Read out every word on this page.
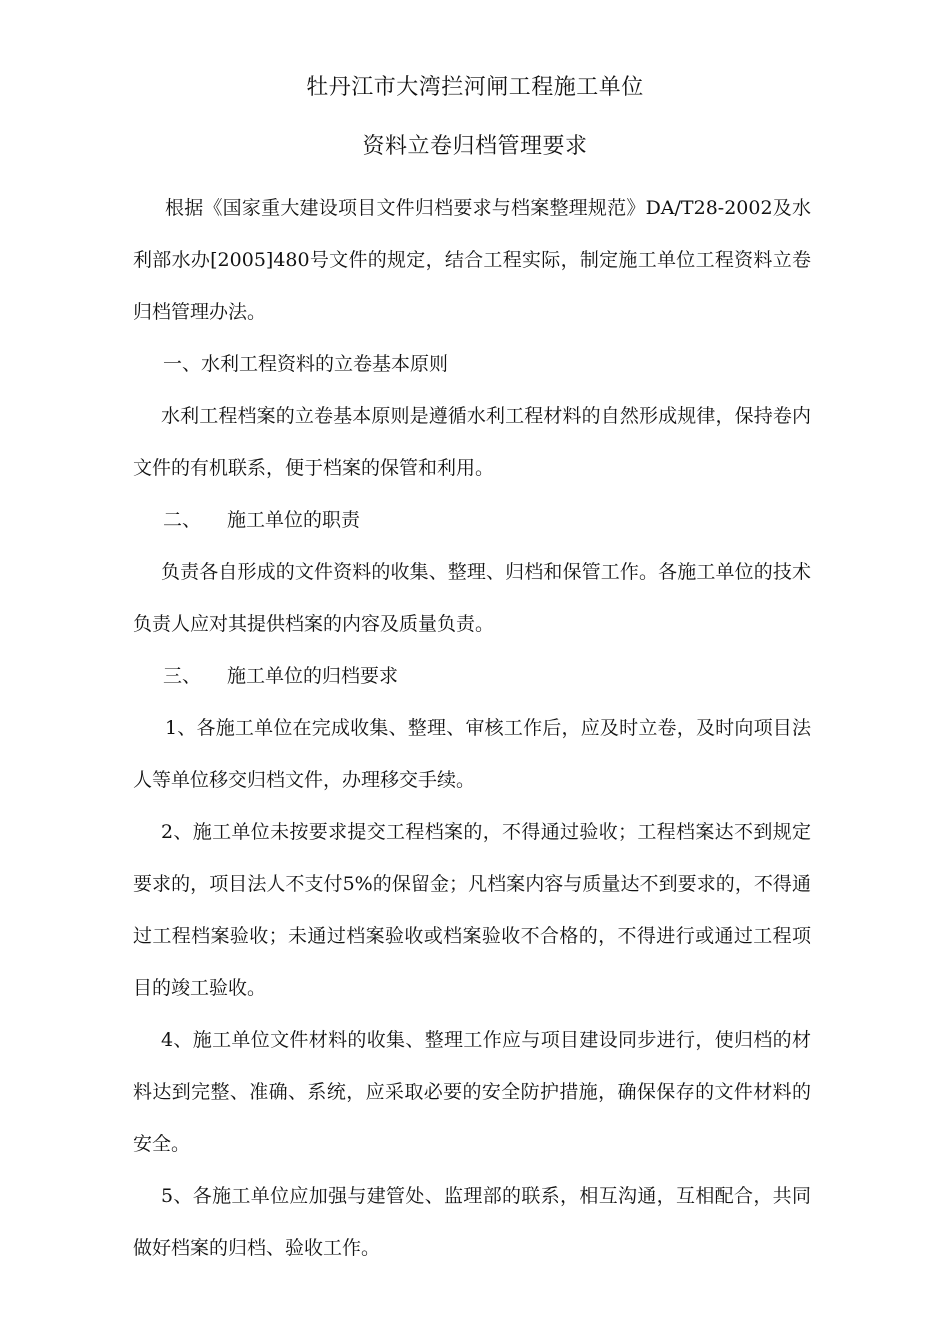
牡丹江市大湾拦河闸工程施工单位
资料立卷归档管理要求

根据《国家重大建设项目文件归档要求与档案整理规范》DA/T28-2002及水利部水办[2005]480号文件的规定，结合工程实际，制定施工单位工程资料立卷归档管理办法。

一、水利工程资料的立卷基本原则

水利工程档案的立卷基本原则是遵循水利工程材料的自然形成规律，保持卷内文件的有机联系，便于档案的保管和利用。

二、 施工单位的职责

负责各自形成的文件资料的收集、整理、归档和保管工作。各施工单位的技术负责人应对其提供档案的内容及质量负责。

三、 施工单位的归档要求

1、各施工单位在完成收集、整理、审核工作后，应及时立卷，及时向项目法人等单位移交归档文件，办理移交手续。

2、施工单位未按要求提交工程档案的，不得通过验收；工程档案达不到规定要求的，项目法人不支付5%的保留金；凡档案内容与质量达不到要求的，不得通过工程档案验收；未通过档案验收或档案验收不合格的，不得进行或通过工程项目的竣工验收。

4、施工单位文件材料的收集、整理工作应与项目建设同步进行，使归档的材料达到完整、准确、系统，应采取必要的安全防护措施，确保保存的文件材料的安全。

5、各施工单位应加强与建管处、监理部的联系，相互沟通，互相配合，共同做好档案的归档、验收工作。
